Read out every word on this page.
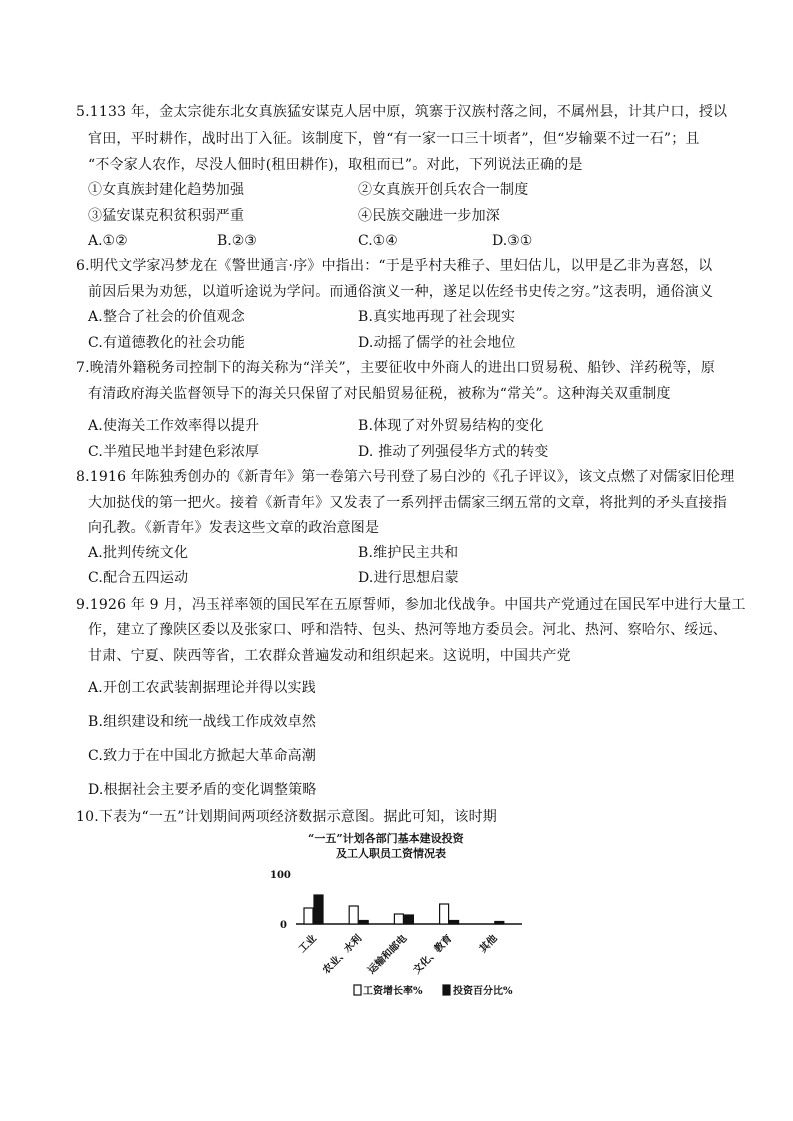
5.1133 年，金太宗徙东北女真族猛安谋克人居中原，筑寨于汉族村落之间，不属州县，计其户口，授以
官田，平时耕作，战时出丁入征。该制度下，曾“有一家一口三十顷者”，但“岁输粟不过一石”；且
“不令家人农作，尽没人佃时(租田耕作)，取租而已”。对此，下列说法正确的是
①女真族封建化趋势加强	②女真族开创兵农合一制度
③猛安谋克积贫积弱严重	④民族交融进一步加深
A.①②	B.②③	C.①④	D.③①
6.明代文学家冯梦龙在《警世通言·序》中指出：“于是乎村夫稚子、里妇估儿，以甲是乙非为喜怒，以
前因后果为劝惩，以道听途说为学问。而通俗演义一种，遂足以佐经书史传之穷。”这表明，通俗演义
A.整合了社会的价值观念	B.真实地再现了社会现实
C.有道德教化的社会功能	D.动摇了儒学的社会地位
7.晚清外籍税务司控制下的海关称为“洋关”，主要征收中外商人的进出口贸易税、船钞、洋药税等，原
有清政府海关监督领导下的海关只保留了对民船贸易征税，被称为“常关”。这种海关双重制度
A.使海关工作效率得以提升	B.体现了对外贸易结构的变化
C.半殖民地半封建色彩浓厚	D. 推动了列强侵华方式的转变
8.1916 年陈独秀创办的《新青年》第一卷第六号刊登了易白沙的《孔子评议》，该文点燃了对儒家旧伦理
大加挞伐的第一把火。接着《新青年》又发表了一系列抨击儒家三纲五常的文章，将批判的矛头直接指
向孔教。《新青年》发表这些文章的政治意图是
A.批判传统文化	B.维护民主共和
C.配合五四运动	D.进行思想启蒙
9.1926 年 9 月，冯玉祥率领的国民军在五原誓师，参加北伐战争。中国共产党通过在国民军中进行大量工
作，建立了豫陕区委以及张家口、呼和浩特、包头、热河等地方委员会。河北、热河、察哈尔、绥远、
甘肃、宁夏、陕西等省，工农群众普遍发动和组织起来。这说明，中国共产党
A.开创工农武装割据理论并得以实践
B.组织建设和统一战线工作成效卓然
C.致力于在中国北方掀起大革命高潮
D.根据社会主要矛盾的变化调整策略
10.下表为“一五”计划期间两项经济数据示意图。据此可知，该时期
“一五”计划各部门基本建设投资
及工人职员工资情况表
100
0
工业 农业、水利 运输和邮电 文化、教育 其他
工资增长率%	投资百分比%
